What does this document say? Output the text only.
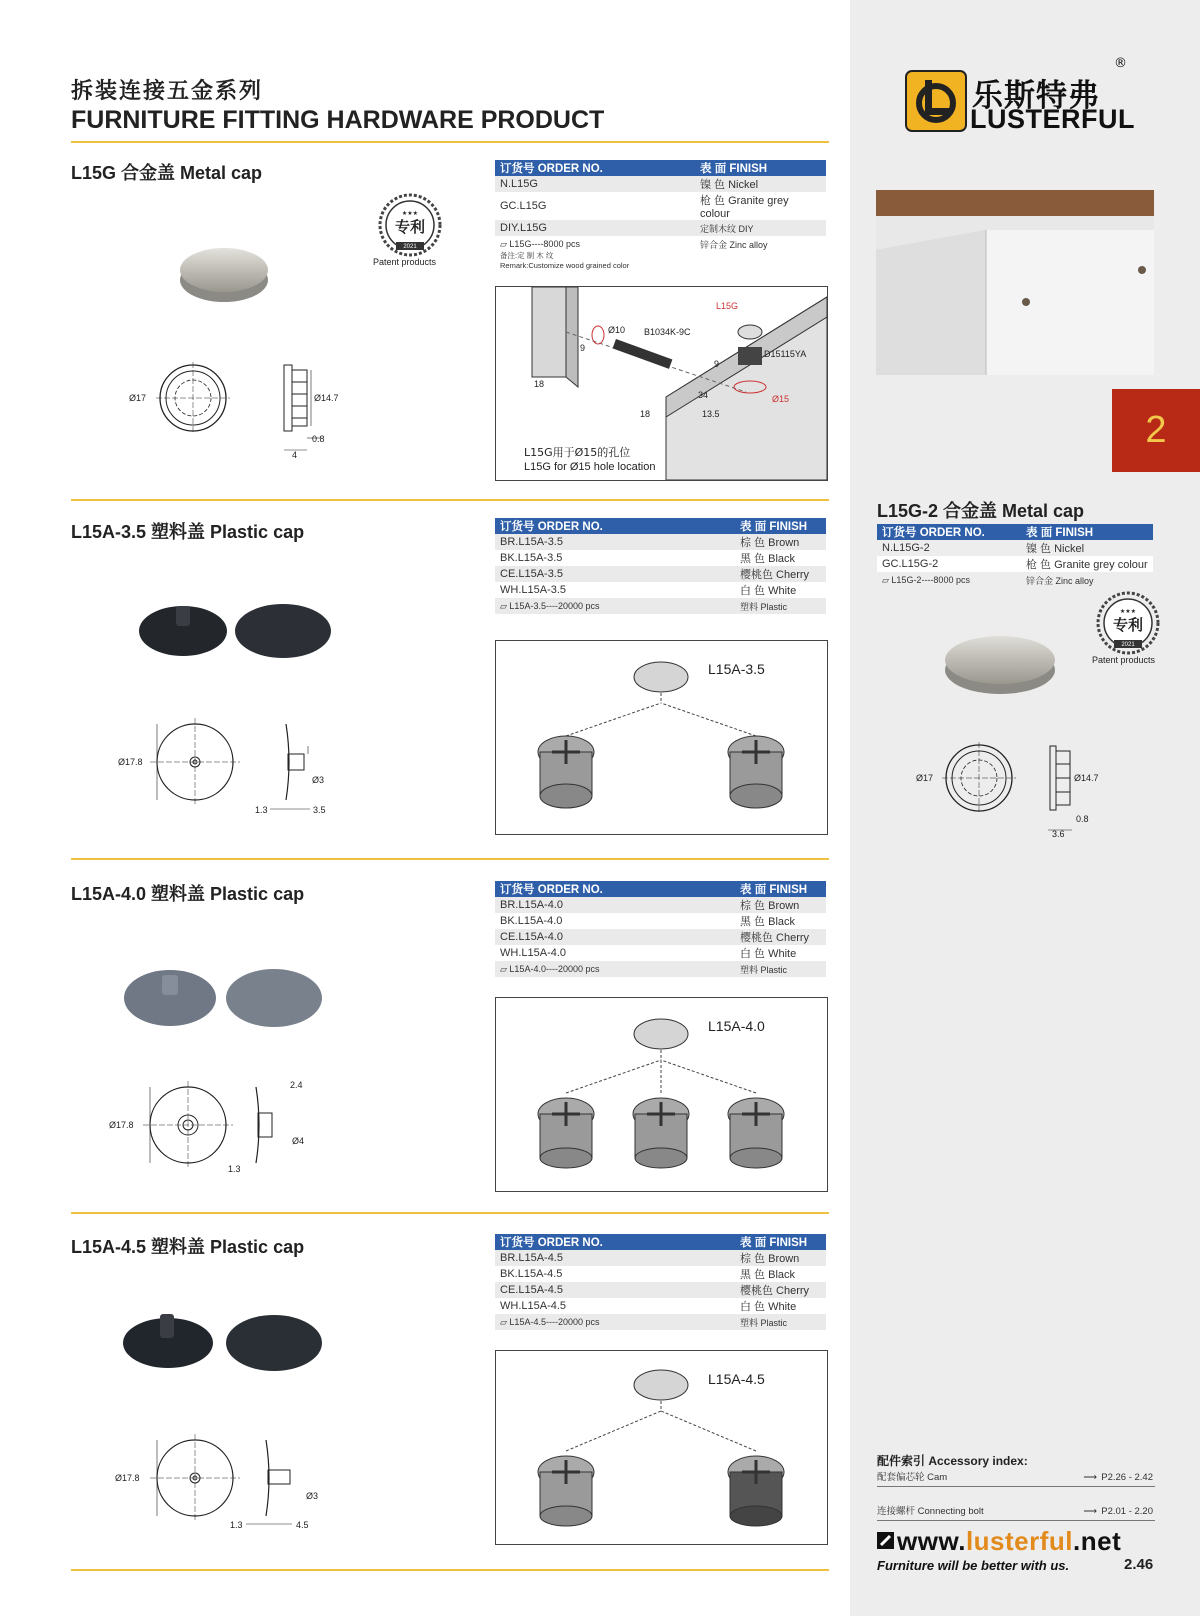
拆装连接五金系列
FURNITURE FITTING HARDWARE PRODUCT
乐斯特弗
LUSTERFUL
®
2
L15G 合金盖 Metal cap
2021
专利
★★★
Patent products
Ø17	Ø14.7
0.8
4
订货号 ORDER NO.	表 面 FINISH
N.L15G	镍 色 Nickel
GC.L15G	枪 色 Granite grey colour
DIY.L15G	定制木纹 DIY
▱ L15G----8000 pcs	锌合金 Zinc alloy
备注:定 制 木 纹
Remark:Customize wood grained color
L15G
B1034K-9C
D15115YA
Ø10
Ø15
9
9
18
18
34
13.5
L15G用于Ø15的孔位
L15G for Ø15 hole location
L15A-3.5 塑料盖 Plastic cap
Ø17.8
Ø3
1.3	3.5
订货号 ORDER NO.	表 面 FINISH
BR.L15A-3.5	棕 色 Brown
BK.L15A-3.5	黑 色 Black
CE.L15A-3.5	樱桃色 Cherry
WH.L15A-3.5	白 色 White
▱ L15A-3.5----20000 pcs	塑料 Plastic
L15A-3.5
L15A-4.0 塑料盖 Plastic cap
Ø17.8
2.4
Ø4
1.3
订货号 ORDER NO.	表 面 FINISH
BR.L15A-4.0	棕 色 Brown
BK.L15A-4.0	黑 色 Black
CE.L15A-4.0	樱桃色 Cherry
WH.L15A-4.0	白 色 White
▱ L15A-4.0----20000 pcs	塑料 Plastic
L15A-4.0
L15A-4.5 塑料盖 Plastic cap
Ø17.8
Ø3
1.3	4.5
订货号 ORDER NO.	表 面 FINISH
BR.L15A-4.5	棕 色 Brown
BK.L15A-4.5	黑 色 Black
CE.L15A-4.5	樱桃色 Cherry
WH.L15A-4.5	白 色 White
▱ L15A-4.5----20000 pcs	塑料 Plastic
L15A-4.5
L15G-2 合金盖 Metal cap
订货号 ORDER NO.	表 面 FINISH
N.L15G-2	镍 色 Nickel
GC.L15G-2	枪 色 Granite grey colour
▱ L15G-2----8000 pcs	锌合金 Zinc alloy
2021
专利
★★★
Patent products
Ø17	Ø14.7
0.8
3.6
配件索引 Accessory index:
配套偏芯轮 Cam	⟶ P2.26 - 2.42
连接螺杆 Connecting bolt	⟶ P2.01 - 2.20
www.lusterful.net
Furniture will be better with us.	2.46
